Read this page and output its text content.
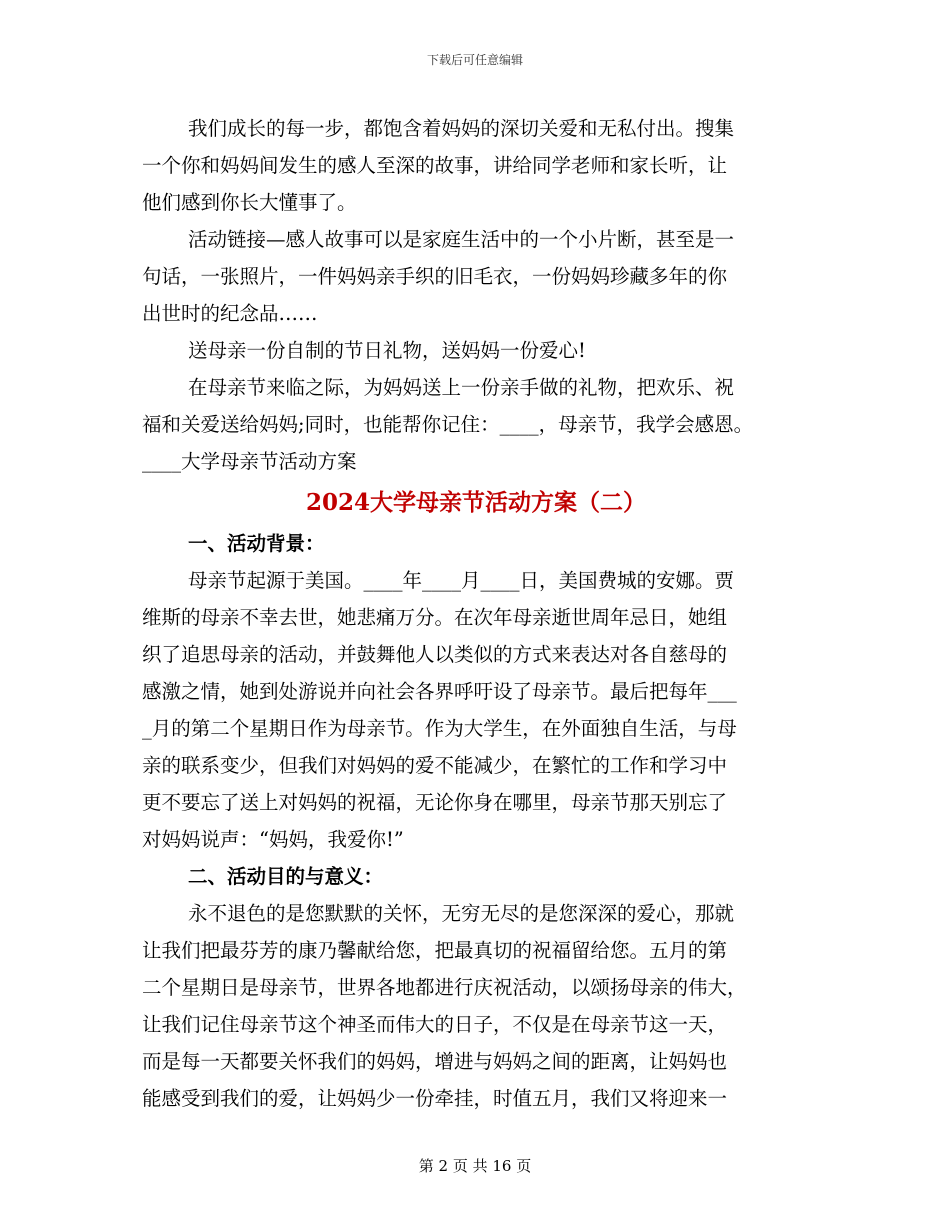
下载后可任意编辑
我们成长的每一步，都饱含着妈妈的深切关爱和无私付出。搜集
一个你和妈妈间发生的感人至深的故事，讲给同学老师和家长听，让
他们感到你长大懂事了。
活动链接—感人故事可以是家庭生活中的一个小片断，甚至是一
句话，一张照片，一件妈妈亲手织的旧毛衣，一份妈妈珍藏多年的你
出世时的纪念品……
送母亲一份自制的节日礼物，送妈妈一份爱心!
在母亲节来临之际，为妈妈送上一份亲手做的礼物，把欢乐、祝
福和关爱送给妈妈;同时，也能帮你记住：____，母亲节，我学会感恩。
____大学母亲节活动方案
2024大学母亲节活动方案（二）
一、活动背景：
母亲节起源于美国。____年____月____日，美国费城的安娜。贾
维斯的母亲不幸去世，她悲痛万分。在次年母亲逝世周年忌日，她组
织了追思母亲的活动，并鼓舞他人以类似的方式来表达对各自慈母的
感激之情，她到处游说并向社会各界呼吁设了母亲节。最后把每年___
_月的第二个星期日作为母亲节。作为大学生，在外面独自生活，与母
亲的联系变少，但我们对妈妈的爱不能减少，在繁忙的工作和学习中
更不要忘了送上对妈妈的祝福，无论你身在哪里，母亲节那天别忘了
对妈妈说声：“妈妈，我爱你!”
二、活动目的与意义：
永不退色的是您默默的关怀，无穷无尽的是您深深的爱心，那就
让我们把最芬芳的康乃馨献给您，把最真切的祝福留给您。五月的第
二个星期日是母亲节，世界各地都进行庆祝活动，以颂扬母亲的伟大，
让我们记住母亲节这个神圣而伟大的日子，不仅是在母亲节这一天，
而是每一天都要关怀我们的妈妈，增进与妈妈之间的距离，让妈妈也
能感受到我们的爱，让妈妈少一份牵挂，时值五月，我们又将迎来一
第 2 页 共 16 页
